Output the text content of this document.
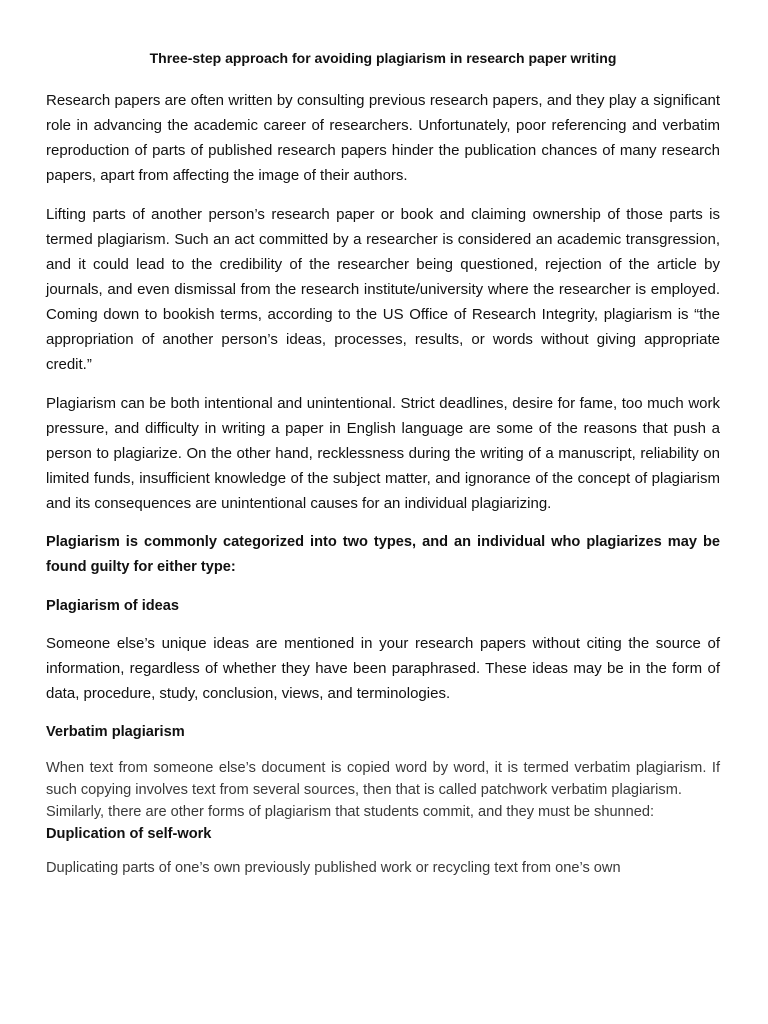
Three-step approach for avoiding plagiarism in research paper writing

Research papers are often written by consulting previous research papers, and they play a significant role in advancing the academic career of researchers. Unfortunately, poor referencing and verbatim reproduction of parts of published research papers hinder the publication chances of many research papers, apart from affecting the image of their authors.

Lifting parts of another person’s research paper or book and claiming ownership of those parts is termed plagiarism. Such an act committed by a researcher is considered an academic transgression, and it could lead to the credibility of the researcher being questioned, rejection of the article by journals, and even dismissal from the research institute/university where the researcher is employed. Coming down to bookish terms, according to the US Office of Research Integrity, plagiarism is “the appropriation of another person’s ideas, processes, results, or words without giving appropriate credit.”

Plagiarism can be both intentional and unintentional. Strict deadlines, desire for fame, too much work pressure, and difficulty in writing a paper in English language are some of the reasons that push a person to plagiarize. On the other hand, recklessness during the writing of a manuscript, reliability on limited funds, insufficient knowledge of the subject matter, and ignorance of the concept of plagiarism and its consequences are unintentional causes for an individual plagiarizing.

Plagiarism is commonly categorized into two types, and an individual who plagiarizes may be found guilty for either type:

Plagiarism of ideas

Someone else’s unique ideas are mentioned in your research papers without citing the source of information, regardless of whether they have been paraphrased. These ideas may be in the form of data, procedure, study, conclusion, views, and terminologies.

Verbatim plagiarism

When text from someone else’s document is copied word by word, it is termed verbatim plagiarism. If such copying involves text from several sources, then that is called patchwork verbatim plagiarism.

Similarly, there are other forms of plagiarism that students commit, and they must be shunned:

Duplication of self-work

Duplicating parts of one’s own previously published work or recycling text from one’s own
